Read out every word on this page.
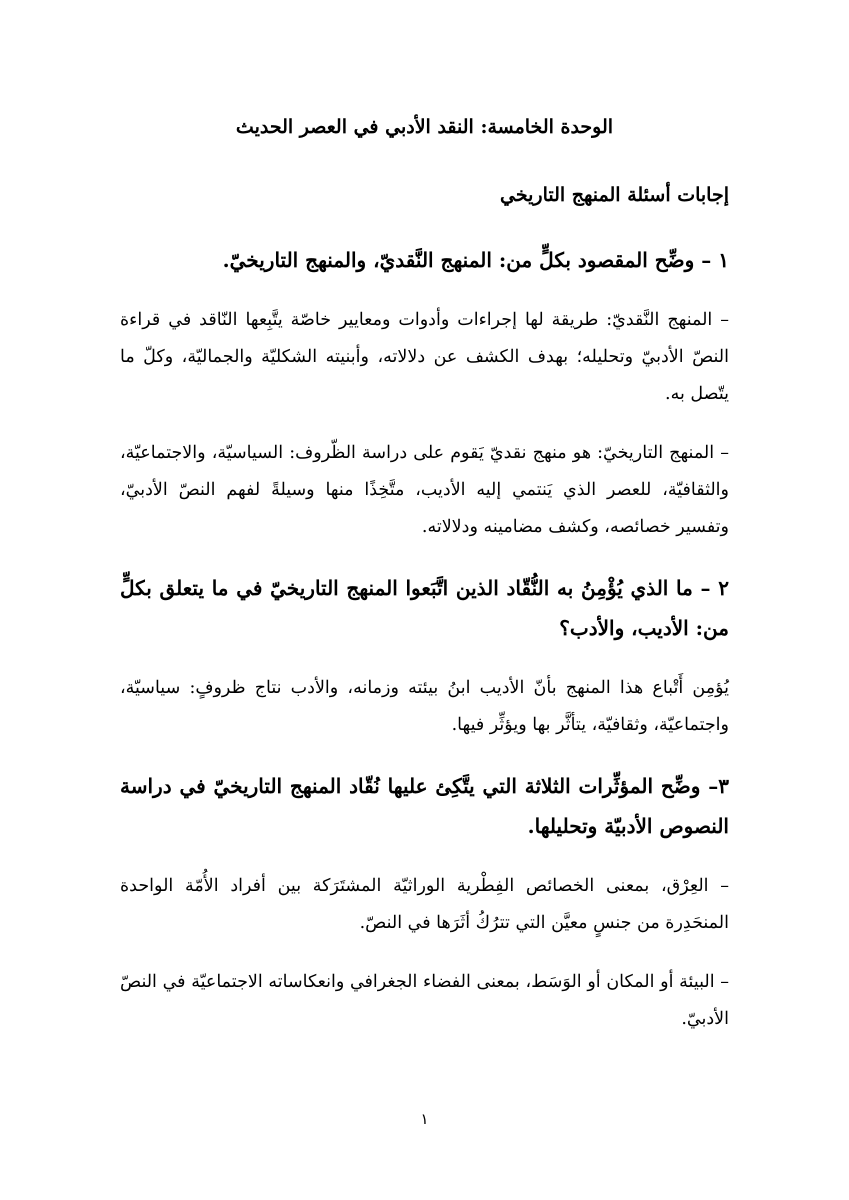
الوحدة الخامسة: النقد الأدبي في العصر الحديث
إجابات أسئلة المنهج التاريخي

١ – وضِّح المقصود بكلٍّ من: المنهج النَّقديّ، والمنهج التاريخيّ.

– المنهج النَّقديّ: طريقة لها إجراءات وأدوات ومعايير خاصّة يتَّبِعها النّاقد في قراءة النصّ الأدبيّ وتحليله؛ بهدف الكشف عن دلالاته، وأبنيته الشكليّة والجماليّة، وكلّ ما يتّصل به.

– المنهج التاريخيّ: هو منهج نقديّ يَقوم على دراسة الظّروف: السياسيّة، والاجتماعيّة، والثقافيّة، للعصر الذي يَنتمي إليه الأديب، متَّخِذًا منها وسيلةً لفهم النصّ الأدبيّ، وتفسير خصائصه، وكشف مضامينه ودلالاته.

٢ – ما الذي يُؤْمِنُ به النُّقّاد الذين اتَّبَعوا المنهج التاريخيّ في ما يتعلق بكلٍّ من: الأديب، والأدب؟

يُؤمِن أَتْباع هذا المنهج بأنّ الأديب ابنُ بيئته وزمانه، والأدب نتاج ظروفٍ: سياسيّة، واجتماعيّة، وثقافيّة، يتأثَّر بها ويؤثِّر فيها.

٣– وضِّح المؤثِّرات الثلاثة التي يتَّكِئ عليها نُقّاد المنهج التاريخيّ في دراسة النصوص الأدبيّة وتحليلها.

– العِرْق، بمعنى الخصائص الفِطْرية الوراثيّة المشتَرَكة بين أفراد الأُمّة الواحدة المنحَدِرة من جنسٍ معيَّن التي تترُكُ أثَرَها في النصّ.

– البيئة أو المكان أو الوَسَط، بمعنى الفضاء الجغرافي وانعكاساته الاجتماعيّة في النصّ الأدبيّ.

١
